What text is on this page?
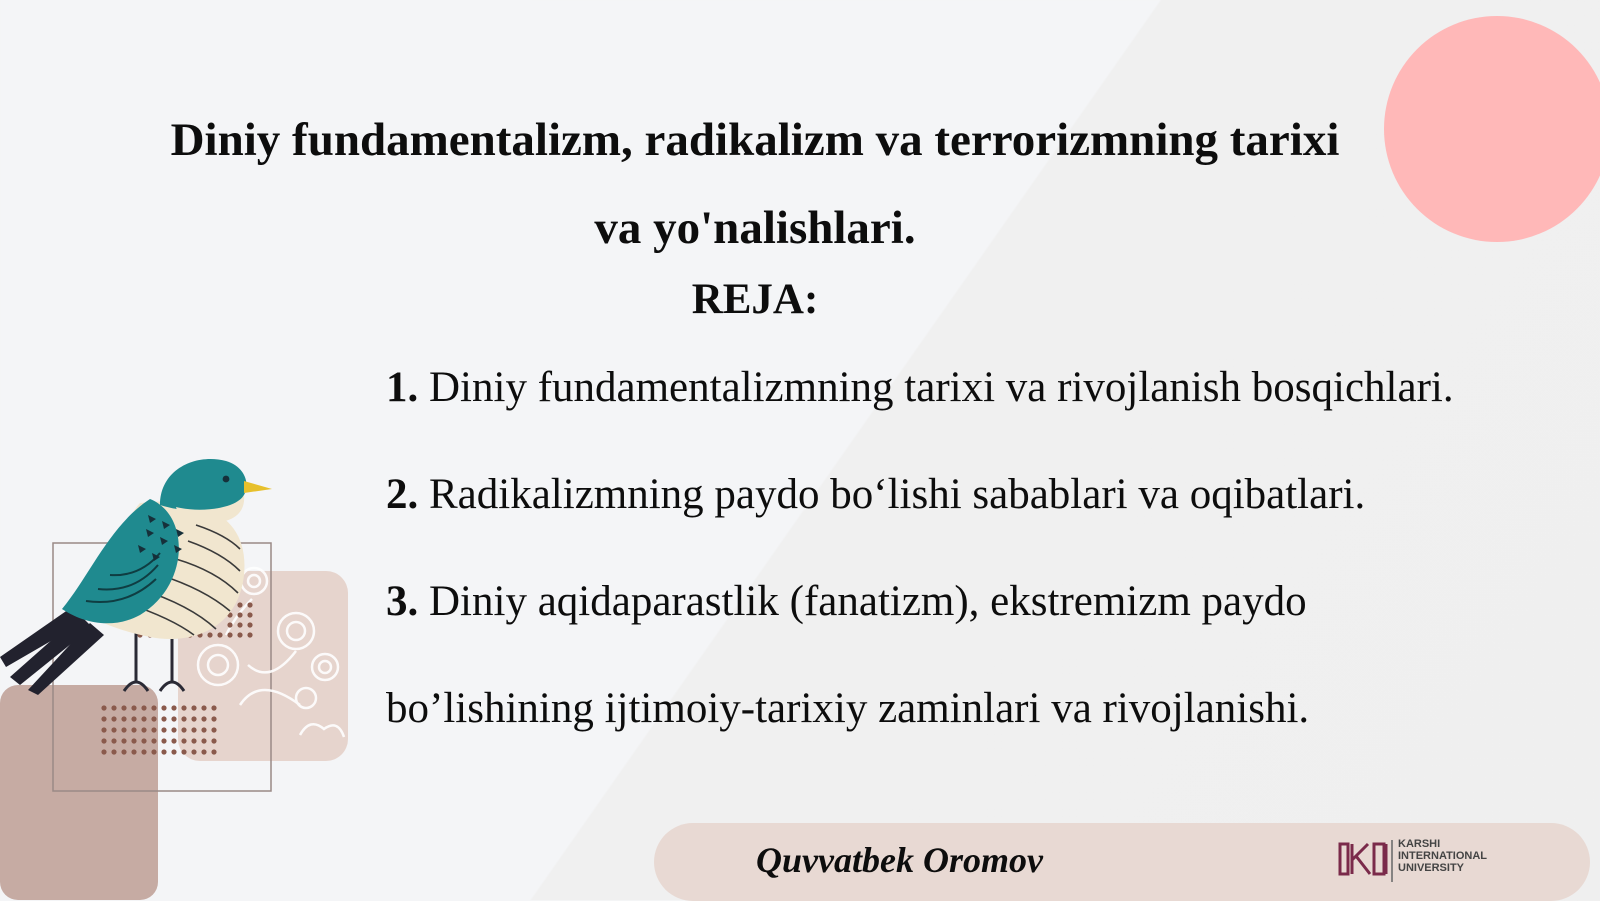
Diniy fundamentalizm, radikalizm va terrorizmning tarixi
va yo'nalishlari.
REJA:

1. Diniy fundamentalizmning tarixi va rivojlanish bosqichlari.

2. Radikalizmning paydo bo‘lishi sabablari va oqibatlari.

3. Diniy aqidaparastlik (fanatizm), ekstremizm paydo

bo’lishining ijtimoiy-tarixiy zaminlari va rivojlanishi.

Quvvatbek Oromov	KARSHI
INTERNATIONAL
UNIVERSITY
